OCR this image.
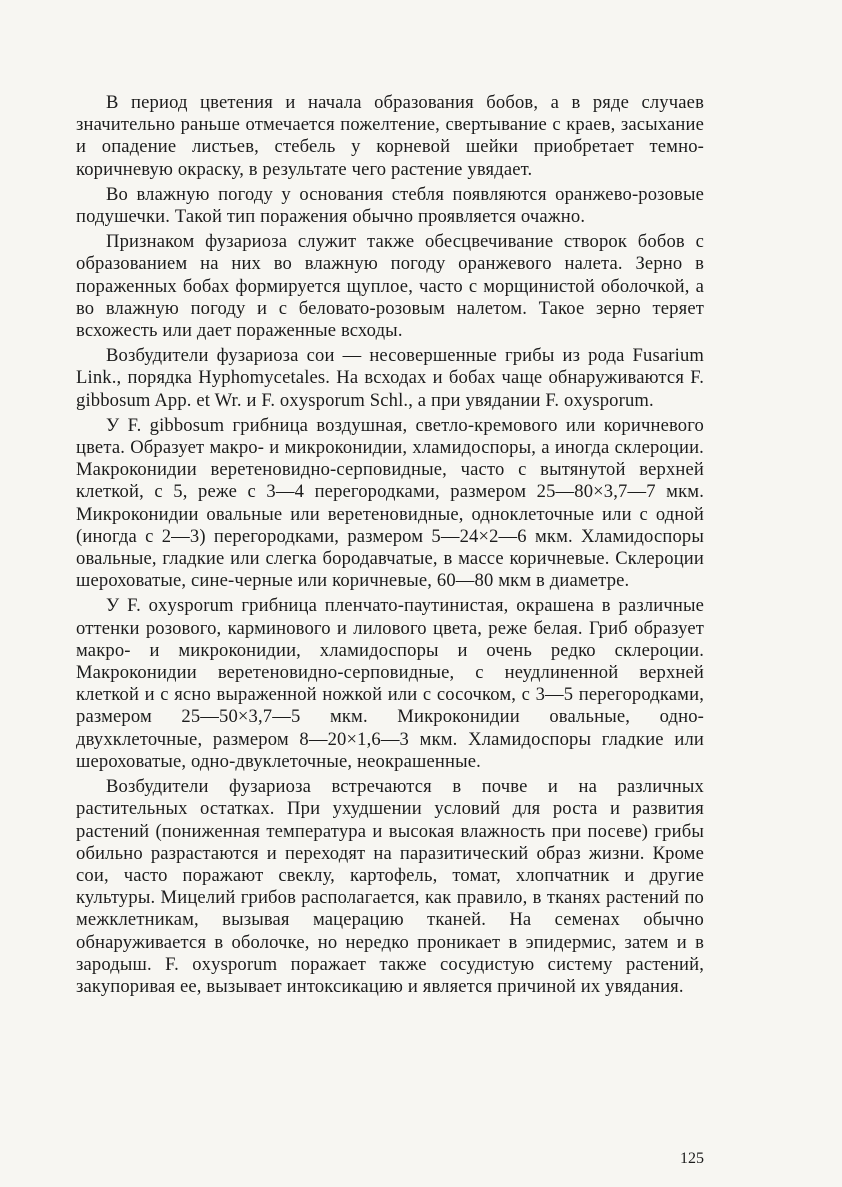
В период цветения и начала образования бобов, а в ряде случаев значительно раньше отмечается пожелтение, свертывание с краев, засыхание и опадение листьев, стебель у корневой шейки приобретает темно-коричневую окраску, в результате чего растение увядает.

Во влажную погоду у основания стебля появляются оранжево-розовые подушечки. Такой тип поражения обычно проявляется очажно.

Признаком фузариоза служит также обесцвечивание створок бобов с образованием на них во влажную погоду оранжевого налета. Зерно в пораженных бобах формируется щуплое, часто с морщинистой оболочкой, а во влажную погоду и с беловато-розовым налетом. Такое зерно теряет всхожесть или дает пораженные всходы.

Возбудители фузариоза сои — несовершенные грибы из рода Fusarium Link., порядка Hyphomycetales. На всходах и бобах чаще обнаруживаются F. gibbosum App. et Wr. и F. oxysporum Schl., а при увядании F. oxysporum.

У F. gibbosum грибница воздушная, светло-кремового или коричневого цвета. Образует макро- и микроконидии, хламидоспоры, а иногда склероции. Макроконидии веретеновидно-серповидные, часто с вытянутой верхней клеткой, с 5, реже с 3—4 перегородками, размером 25—80×3,7—7 мкм. Микроконидии овальные или веретеновидные, одноклеточные или с одной (иногда с 2—3) перегородками, размером 5—24×2—6 мкм. Хламидоспоры овальные, гладкие или слегка бородавчатые, в массе коричневые. Склероции шероховатые, сине-черные или коричневые, 60—80 мкм в диаметре.

У F. oxysporum грибница пленчато-паутинистая, окрашена в различные оттенки розового, карминового и лилового цвета, реже белая. Гриб образует макро- и микроконидии, хламидоспоры и очень редко склероции. Макроконидии веретеновидно-серповидные, с неудлиненной верхней клеткой и с ясно выраженной ножкой или с сосочком, с 3—5 перегородками, размером 25—50×3,7—5 мкм. Микроконидии овальные, одно-двухклеточные, размером 8—20×1,6—3 мкм. Хламидоспоры гладкие или шероховатые, одно-двуклеточные, неокрашенные.

Возбудители фузариоза встречаются в почве и на различных растительных остатках. При ухудшении условий для роста и развития растений (пониженная температура и высокая влажность при посеве) грибы обильно разрастаются и переходят на паразитический образ жизни. Кроме сои, часто поражают свеклу, картофель, томат, хлопчатник и другие культуры. Мицелий грибов располагается, как правило, в тканях растений по межклетникам, вызывая мацерацию тканей. На семенах обычно обнаруживается в оболочке, но нередко проникает в эпидермис, затем и в зародыш. F. oxysporum поражает также сосудистую систему растений, закупоривая ее, вызывает интоксикацию и является причиной их увядания.

125
